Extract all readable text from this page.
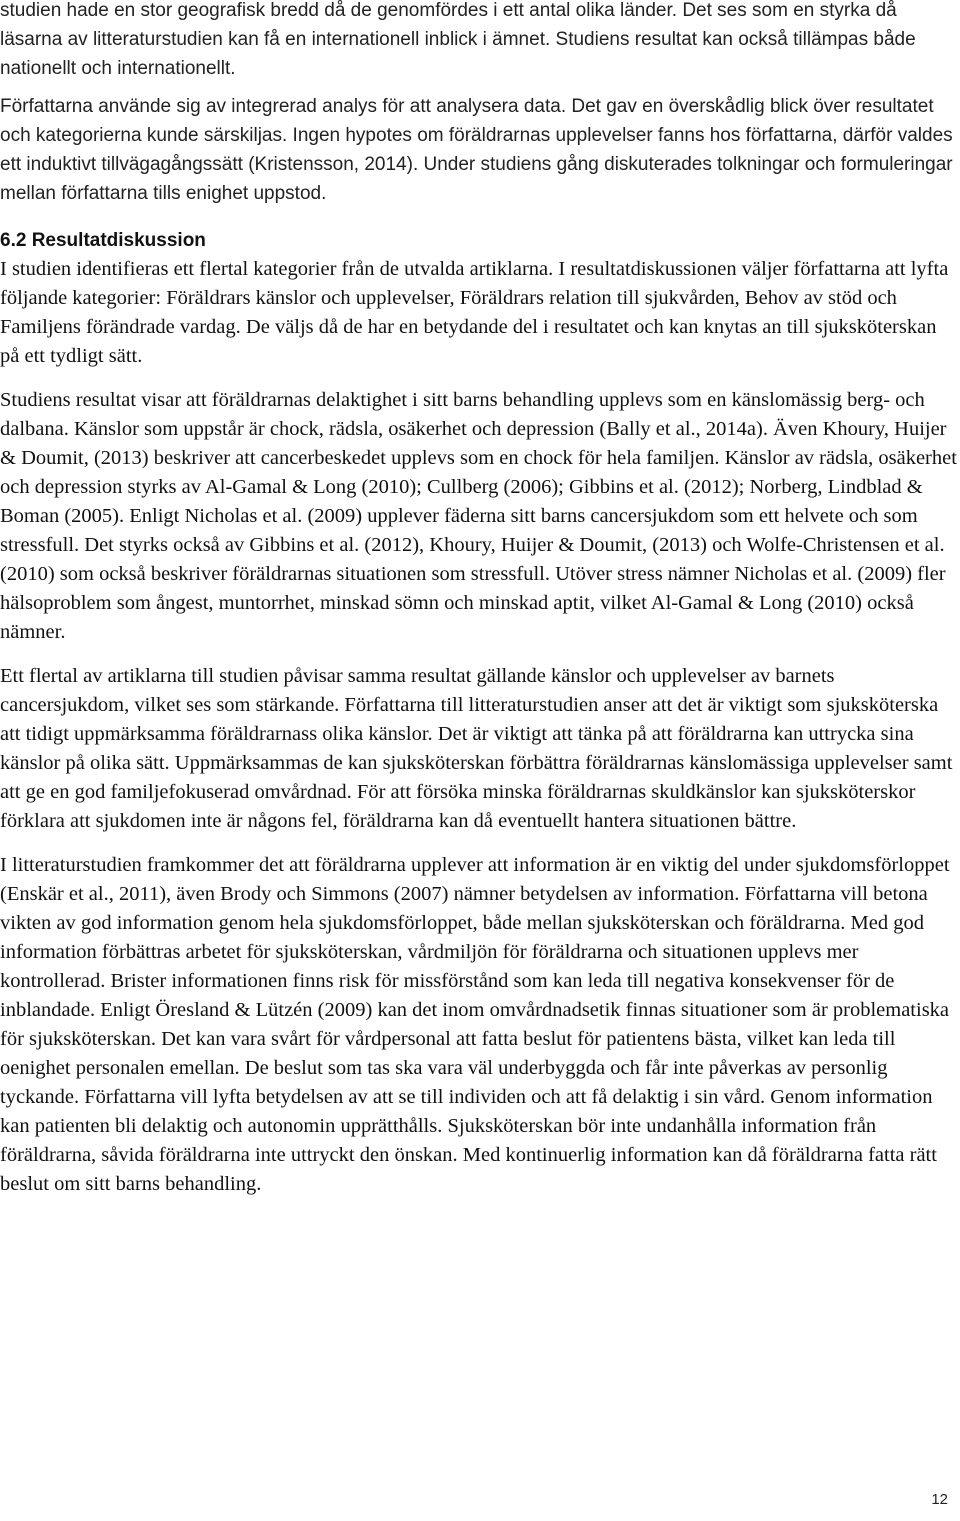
studien hade en stor geografisk bredd då de genomfördes i ett antal olika länder. Det ses som en styrka då läsarna av litteraturstudien kan få en internationell inblick i ämnet. Studiens resultat kan också tillämpas både nationellt och internationellt.

Författarna använde sig av integrerad analys för att analysera data. Det gav en överskådlig blick över resultatet och kategorierna kunde särskiljas. Ingen hypotes om föräldrarnas upplevelser fanns hos författarna, därför valdes ett induktivt tillvägagångssätt (Kristensson, 2014). Under studiens gång diskuterades tolkningar och formuleringar mellan författarna tills enighet uppstod.

6.2 Resultatdiskussion

I studien identifieras ett flertal kategorier från de utvalda artiklarna. I resultatdiskussionen väljer författarna att lyfta följande kategorier: Föräldrars känslor och upplevelser, Föräldrars relation till sjukvården, Behov av stöd och Familjens förändrade vardag. De väljs då de har en betydande del i resultatet och kan knytas an till sjuksköterskan på ett tydligt sätt.

Studiens resultat visar att föräldrarnas delaktighet i sitt barns behandling upplevs som en känslomässig berg- och dalbana. Känslor som uppstår är chock, rädsla, osäkerhet och depression (Bally et al., 2014a). Även Khoury, Huijer & Doumit, (2013) beskriver att cancerbeskedet upplevs som en chock för hela familjen. Känslor av rädsla, osäkerhet och depression styrks av Al-Gamal & Long (2010); Cullberg (2006); Gibbins et al. (2012); Norberg, Lindblad & Boman (2005). Enligt Nicholas et al. (2009) upplever fäderna sitt barns cancersjukdom som ett helvete och som stressfull. Det styrks också av Gibbins et al. (2012), Khoury, Huijer & Doumit, (2013) och Wolfe-Christensen et al. (2010) som också beskriver föräldrarnas situationen som stressfull. Utöver stress nämner Nicholas et al. (2009) fler hälsoproblem som ångest, muntorrhet, minskad sömn och minskad aptit, vilket Al-Gamal & Long (2010) också nämner.

Ett flertal av artiklarna till studien påvisar samma resultat gällande känslor och upplevelser av barnets cancersjukdom, vilket ses som stärkande. Författarna till litteraturstudien anser att det är viktigt som sjuksköterska att tidigt uppmärksamma föräldrarnass olika känslor. Det är viktigt att tänka på att föräldrarna kan uttrycka sina känslor på olika sätt. Uppmärksammas de kan sjuksköterskan förbättra föräldrarnas känslomässiga upplevelser samt att ge en god familjefokuserad omvårdnad. För att försöka minska föräldrarnas skuldkänslor kan sjuksköterskor förklara att sjukdomen inte är någons fel, föräldrarna kan då eventuellt hantera situationen bättre.

I litteraturstudien framkommer det att föräldrarna upplever att information är en viktig del under sjukdomsförloppet (Enskär et al., 2011), även Brody och Simmons (2007) nämner betydelsen av information. Författarna vill betona vikten av god information genom hela sjukdomsförloppet, både mellan sjuksköterskan och föräldrarna. Med god information förbättras arbetet för sjuksköterskan, vårdmiljön för föräldrarna och situationen upplevs mer kontrollerad. Brister informationen finns risk för missförstånd som kan leda till negativa konsekvenser för de inblandade. Enligt Öresland & Lützén (2009) kan det inom omvårdnadsetik finnas situationer som är problematiska för sjuksköterskan. Det kan vara svårt för vårdpersonal att fatta beslut för patientens bästa, vilket kan leda till oenighet personalen emellan. De beslut som tas ska vara väl underbyggda och får inte påverkas av personlig tyckande. Författarna vill lyfta betydelsen av att se till individen och att få delaktig i sin vård. Genom information kan patienten bli delaktig och autonomin upprätthålls. Sjuksköterskan bör inte undanhålla information från föräldrarna, såvida föräldrarna inte uttryckt den önskan. Med kontinuerlig information kan då föräldrarna fatta rätt beslut om sitt barns behandling.

12
